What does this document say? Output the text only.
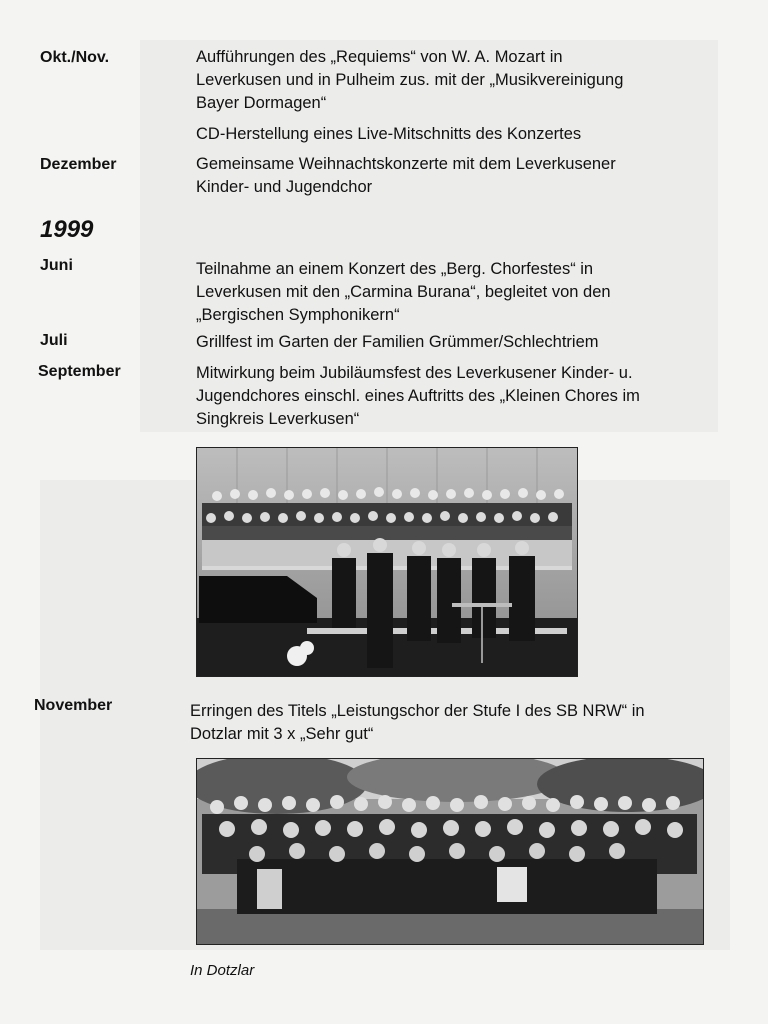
Okt./Nov.	Aufführungen des „Requiems“ von W. A. Mozart in
Leverkusen und in Pulheim zus. mit der „Musikvereinigung
Bayer Dormagen“
CD-Herstellung eines Live-Mitschnitts des Konzertes
Dezember	Gemeinsame Weihnachtskonzerte mit dem Leverkusener
Kinder- und Jugendchor
1999
Juni	Teilnahme an einem Konzert des „Berg. Chorfestes“ in
Leverkusen mit den „Carmina Burana“, begleitet von den
„Bergischen Symphonikern“
Juli	Grillfest im Garten der Familien Grümmer/Schlechtriem
September	Mitwirkung beim Jubiläumsfest des Leverkusener Kinder- u.
Jugendchores einschl. eines Auftritts des „Kleinen Chores im
Singkreis Leverkusen“
November	Erringen des Titels „Leistungschor der Stufe I des SB NRW“ in
Dotzlar mit 3 x „Sehr gut“
In Dotzlar
